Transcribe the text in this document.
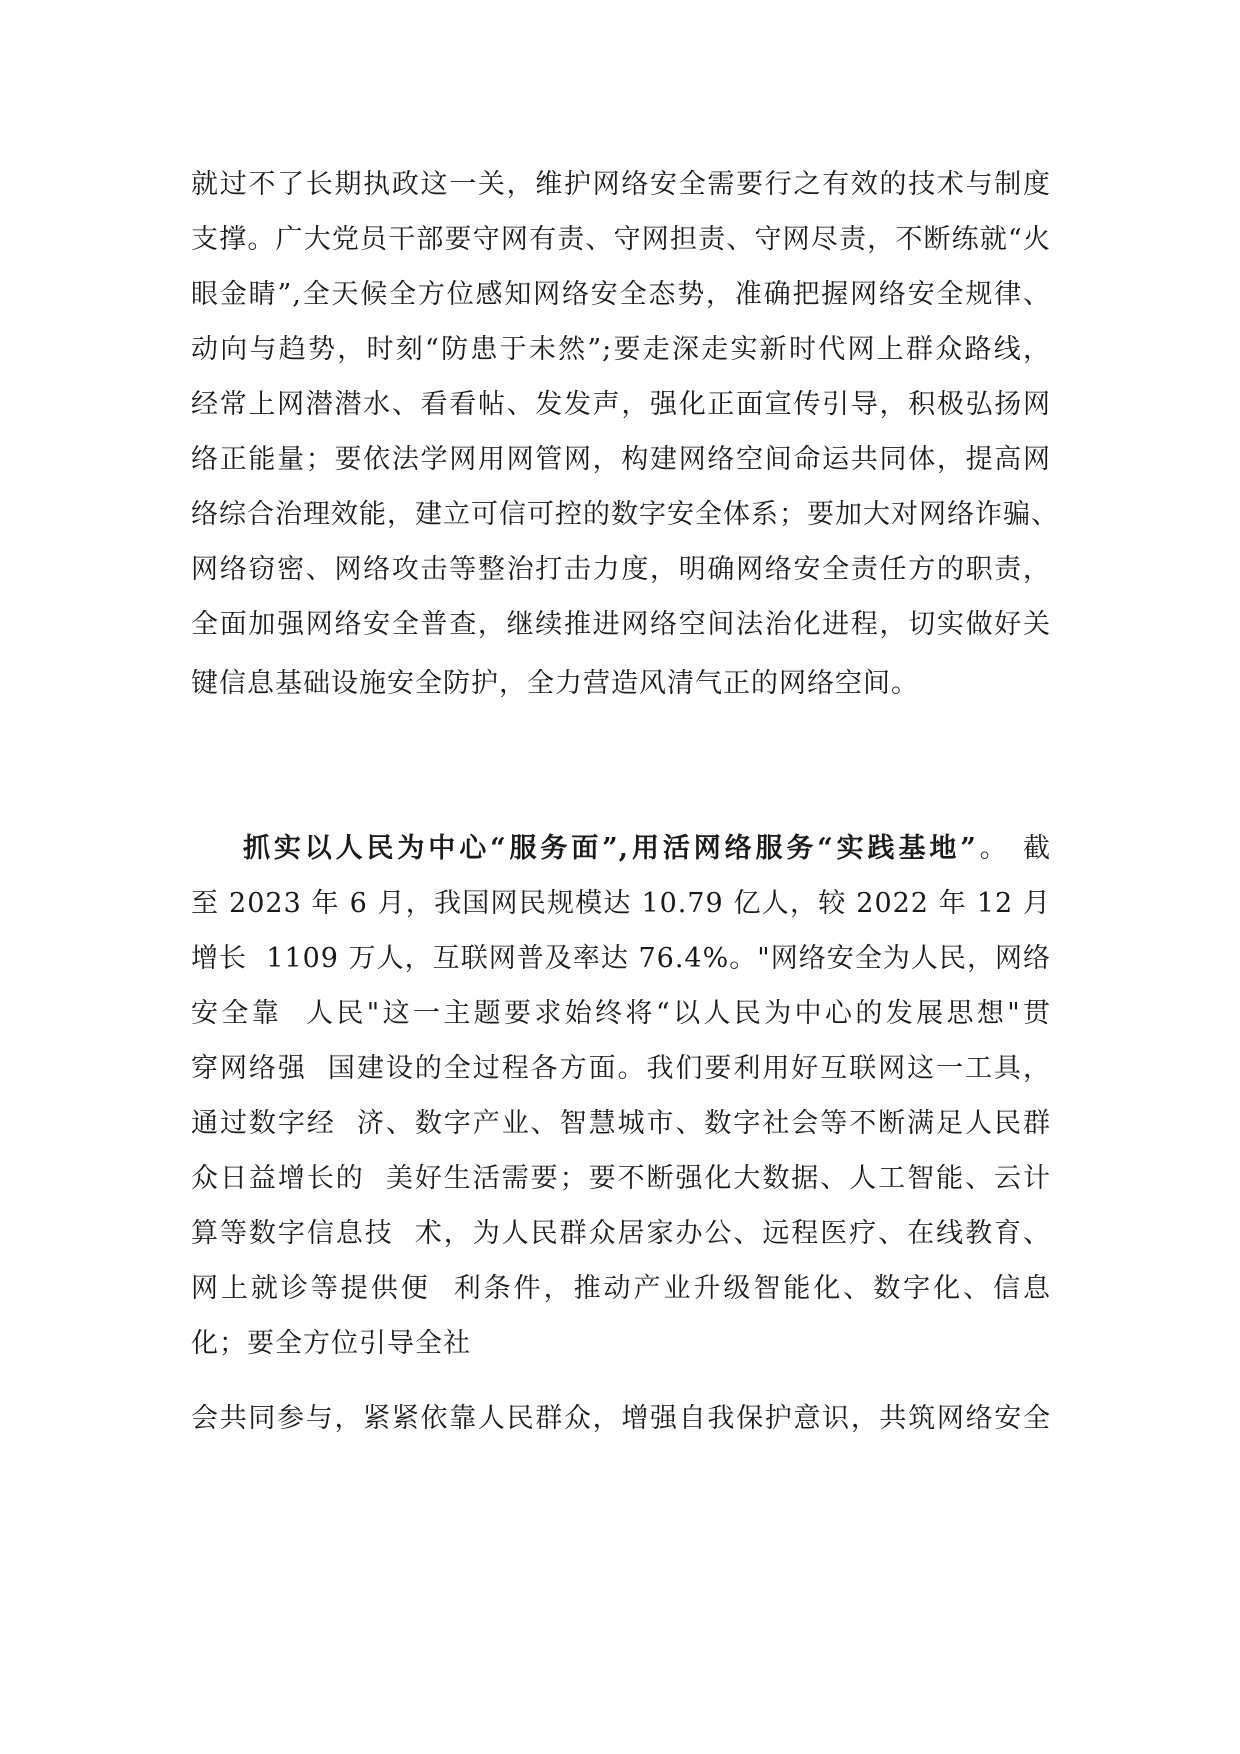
就过不了长期执政这一关，维护网络安全需要行之有效的技术与制度
支撑。广大党员干部要守网有责、守网担责、守网尽责，不断练就“火
眼金睛”,全天候全方位感知网络安全态势，准确把握网络安全规律、
动向与趋势，时刻“防患于未然”;要走深走实新时代网上群众路线，
经常上网潜潜水、看看帖、发发声，强化正面宣传引导，积极弘扬网
络正能量；要依法学网用网管网，构建网络空间命运共同体，提高网
络综合治理效能，建立可信可控的数字安全体系；要加大对网络诈骗、
网络窃密、网络攻击等整治打击力度，明确网络安全责任方的职责，
全面加强网络安全普查，继续推进网络空间法治化进程，切实做好关
键信息基础设施安全防护，全力营造风清气正的网络空间。
抓实以人民为中心“服务面”,用活网络服务“实践基地”。 截
至 2023 年 6 月，我国网民规模达 10.79 亿人，较 2022 年 12 月
增长  1109 万人，互联网普及率达 76.4%。"网络安全为人民，网络
安全靠  人民"这一主题要求始终将“以人民为中心的发展思想"贯
穿网络强  国建设的全过程各方面。我们要利用好互联网这一工具，
通过数字经  济、数字产业、智慧城市、数字社会等不断满足人民群
众日益增长的  美好生活需要；要不断强化大数据、人工智能、云计
算等数字信息技  术，为人民群众居家办公、远程医疗、在线教育、
网上就诊等提供便  利条件，推动产业升级智能化、数字化、信息
化；要全方位引导全社
会共同参与，紧紧依靠人民群众，增强自我保护意识，共筑网络安全
